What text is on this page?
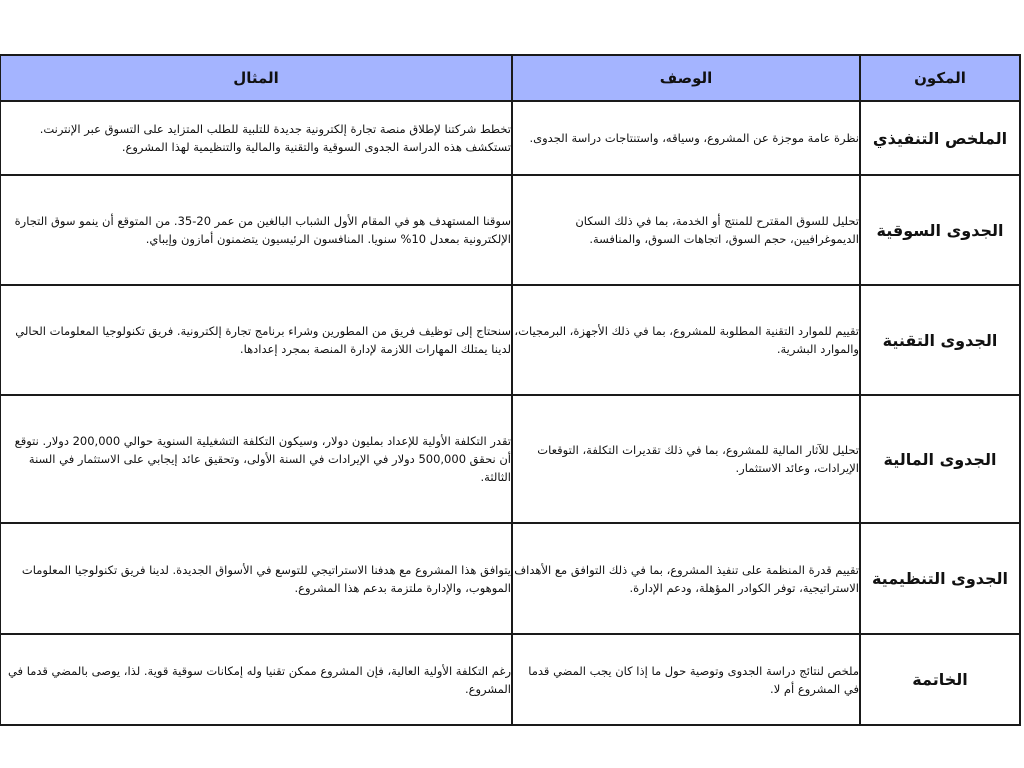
المكون	الوصف	المثال
الملخص التنفيذي	نظرة عامة موجزة عن المشروع، وسياقه، واستنتاجات دراسة الجدوى.	تخطط شركتنا لإطلاق منصة تجارة إلكترونية جديدة للتلبية للطلب المتزايد على التسوق عبر الإنترنت. تستكشف هذه الدراسة الجدوى السوقية والتقنية والمالية والتنظيمية لهذا المشروع.
الجدوى السوقية	تحليل للسوق المقترح للمنتج أو الخدمة، بما في ذلك السكان الديموغرافيين، حجم السوق، اتجاهات السوق، والمنافسة.	سوقنا المستهدف هو في المقام الأول الشباب البالغين من عمر 20-35. من المتوقع أن ينمو سوق التجارة الإلكترونية بمعدل 10% سنويا. المنافسون الرئيسيون يتضمنون أمازون وإيباي.
الجدوى التقنية	تقييم للموارد التقنية المطلوبة للمشروع، بما في ذلك الأجهزة، البرمجيات، والموارد البشرية.	سنحتاج إلى توظيف فريق من المطورين وشراء برنامج تجارة إلكترونية. فريق تكنولوجيا المعلومات الحالي لدينا يمتلك المهارات اللازمة لإدارة المنصة بمجرد إعدادها.
الجدوى المالية	تحليل للآثار المالية للمشروع، بما في ذلك تقديرات التكلفة، التوقعات الإيرادات، وعائد الاستثمار.	تقدر التكلفة الأولية للإعداد بمليون دولار، وسيكون التكلفة التشغيلية السنوية حوالي 200,000 دولار. نتوقع أن نحقق 500,000 دولار في الإيرادات في السنة الأولى، وتحقيق عائد إيجابي على الاستثمار في السنة الثالثة.
الجدوى التنظيمية	تقييم قدرة المنظمة على تنفيذ المشروع، بما في ذلك التوافق مع الأهداف الاستراتيجية، توفر الكوادر المؤهلة، ودعم الإدارة.	يتوافق هذا المشروع مع هدفنا الاستراتيجي للتوسع في الأسواق الجديدة. لدينا فريق تكنولوجيا المعلومات الموهوب، والإدارة ملتزمة بدعم هذا المشروع.
الخاتمة	ملخص لنتائج دراسة الجدوى وتوصية حول ما إذا كان يجب المضي قدما في المشروع أم لا.	رغم التكلفة الأولية العالية، فإن المشروع ممكن تقنيا وله إمكانات سوقية قوية. لذا، يوصى بالمضي قدما في المشروع.
